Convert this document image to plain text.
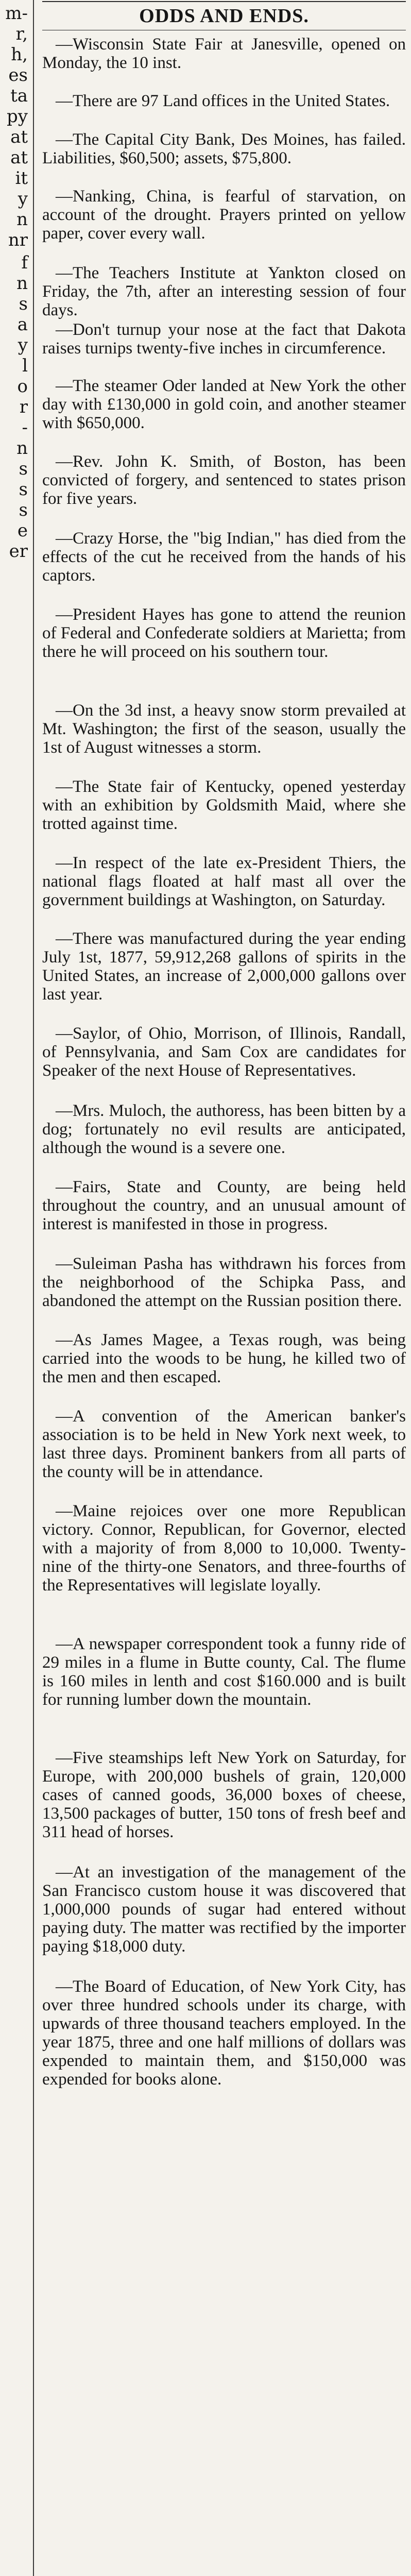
m-
r,
h,
es
ta
py
at
at
it
y
n
nr
f
n
s
a
y
l
o
r
-
n
s
s
s
e
er
ODDS AND ENDS.

—Wisconsin State Fair at Janesville, opened on Monday, the 10 inst.

—There are 97 Land offices in the United States.

—The Capital City Bank, Des Moines, has failed. Liabilities, $60,500; assets, $75,800.

—Nanking, China, is fearful of starvation, on account of the drought. Prayers printed on yellow paper, cover every wall.

—The Teachers Institute at Yankton closed on Friday, the 7th, after an interesting session of four days.

—Don't turnup your nose at the fact that Dakota raises turnips twenty-five inches in circumference.

—The steamer Oder landed at New York the other day with £130,000 in gold coin, and another steamer with $650,000.

—Rev. John K. Smith, of Boston, has been convicted of forgery, and sentenced to states prison for five years.

—Crazy Horse, the "big Indian," has died from the effects of the cut he received from the hands of his captors.

—President Hayes has gone to attend the reunion of Federal and Confederate soldiers at Marietta; from there he will proceed on his southern tour.

—On the 3d inst, a heavy snow storm prevailed at Mt. Washington; the first of the season, usually the 1st of August witnesses a storm.

—The State fair of Kentucky, opened yesterday with an exhibition by Goldsmith Maid, where she trotted against time.

—In respect of the late ex-President Thiers, the national flags floated at half mast all over the government buildings at Washington, on Saturday.

—There was manufactured during the year ending July 1st, 1877, 59,912,268 gallons of spirits in the United States, an increase of 2,000,000 gallons over last year.

—Saylor, of Ohio, Morrison, of Illinois, Randall, of Pennsylvania, and Sam Cox are candidates for Speaker of the next House of Representatives.

—Mrs. Muloch, the authoress, has been bitten by a dog; fortunately no evil results are anticipated, although the wound is a severe one.

—Fairs, State and County, are being held throughout the country, and an unusual amount of interest is manifested in those in progress.

—Suleiman Pasha has withdrawn his forces from the neighborhood of the Schipka Pass, and abandoned the attempt on the Russian position there.

—As James Magee, a Texas rough, was being carried into the woods to be hung, he killed two of the men and then escaped.

—A convention of the American banker's association is to be held in New York next week, to last three days. Prominent bankers from all parts of the county will be in attendance.

—Maine rejoices over one more Republican victory. Connor, Republican, for Governor, elected with a majority of from 8,000 to 10,000. Twenty-nine of the thirty-one Senators, and three-fourths of the Representatives will legislate loyally.

—A newspaper correspondent took a funny ride of 29 miles in a flume in Butte county, Cal. The flume is 160 miles in lenth and cost $160.000 and is built for running lumber down the mountain.

—Five steamships left New York on Saturday, for Europe, with 200,000 bushels of grain, 120,000 cases of canned goods, 36,000 boxes of cheese, 13,500 packages of butter, 150 tons of fresh beef and 311 head of horses.

—At an investigation of the management of the San Francisco custom house it was discovered that 1,000,000 pounds of sugar had entered without paying duty. The matter was rectified by the importer paying $18,000 duty.

—The Board of Education, of New York City, has over three hundred schools under its charge, with upwards of three thousand teachers employed. In the year 1875, three and one half millions of dollars was expended to maintain them, and $150,000 was expended for books alone.
